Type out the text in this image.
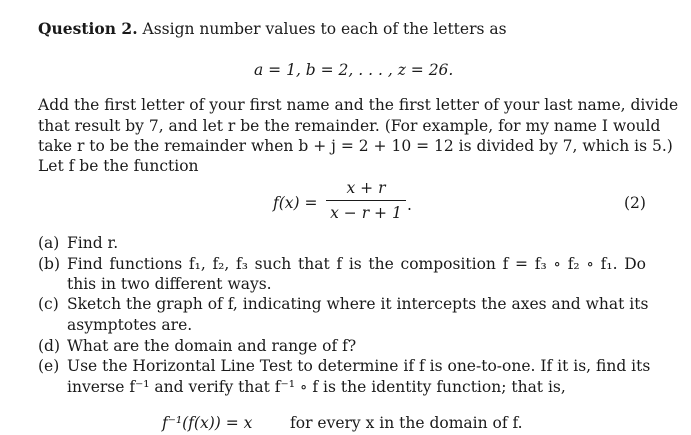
Question 2. Assign number values to each of the letters as
a = 1, b = 2, . . . , z = 26.
Add the first letter of your first name and the first letter of your last name, divide
that result by 7, and let r be the remainder. (For example, for my name I would
take r to be the remainder when b + j = 2 + 10 = 12 is divided by 7, which is 5.)
Let f be the function
f(x) =
x + r
x − r + 1 .	(2)
(a) Find r.
(b) Find functions f₁, f₂, f₃ such that f is the composition f = f₃ ∘ f₂ ∘ f₁. Do
this in two different ways.
(c) Sketch the graph of f, indicating where it intercepts the axes and what its
asymptotes are.
(d) What are the domain and range of f?
(e) Use the Horizontal Line Test to determine if f is one-to-one. If it is, find its
inverse f⁻¹ and verify that f⁻¹ ∘ f is the identity function; that is,
f⁻¹(f(x)) = x for every x in the domain of f.
